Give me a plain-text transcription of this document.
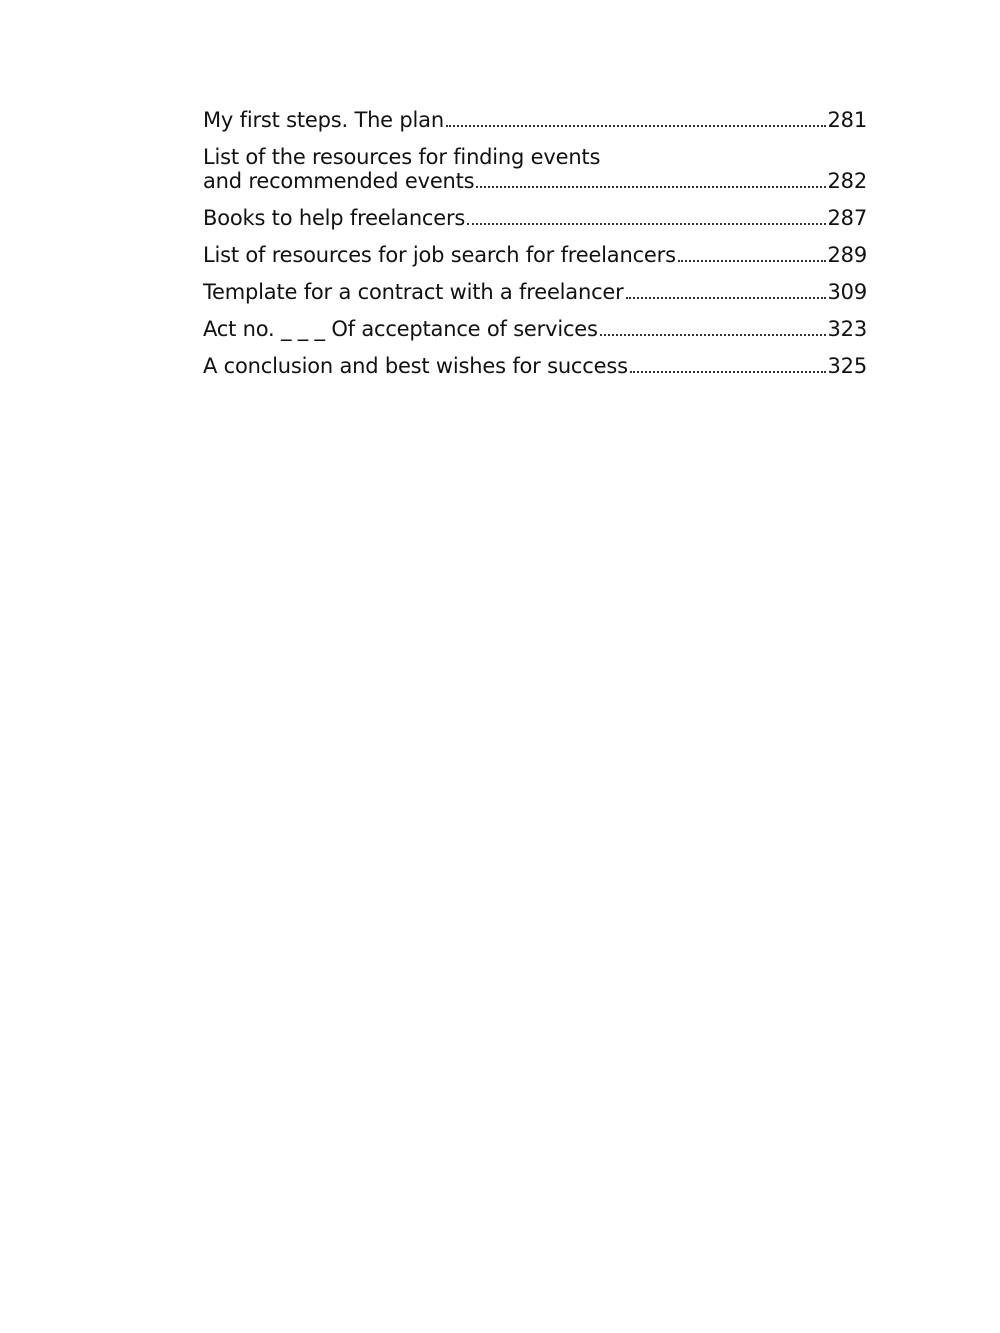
My first steps. The plan	281
List of the resources for finding events
and recommended events	282
Books to help freelancers	287
List of resources for job search for freelancers	289
Template for a contract with a freelancer	309
Act no. _ _ _ Of acceptance of services	323
A conclusion and best wishes for success	325
